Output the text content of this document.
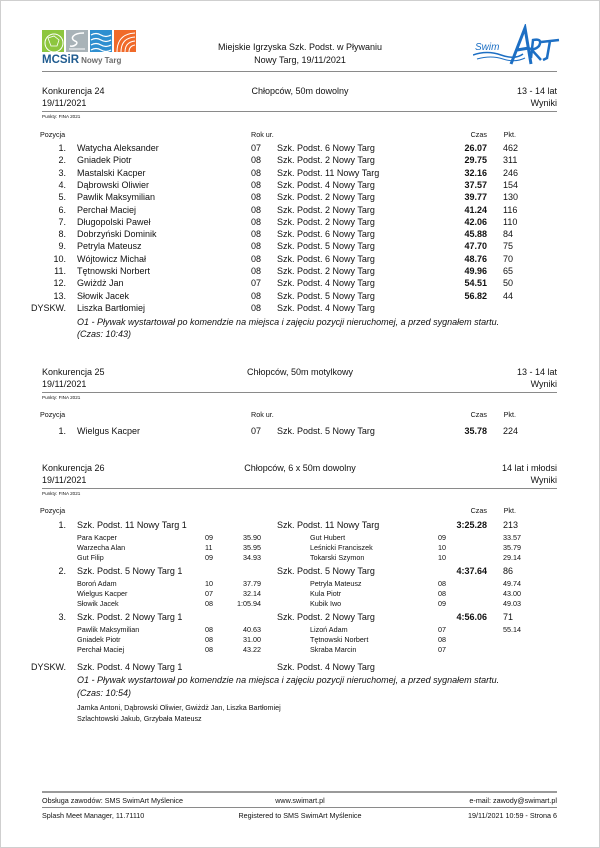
MCSiR Nowy Targ
Miejskie Igrzyska Szk. Podst. w Pływaniu
Nowy Targ, 19/11/2021
Swim
Konkurencja 24
19/11/2021
Chłopców, 50m dowolny	13 - 14 lat
Wyniki
Punkty: FINA 2021
Pozycja	Rok ur.	Czas Pkt.
1. Watycha Aleksander	07 Szk. Podst. 6 Nowy Targ	26.07 462
2. Gniadek Piotr	08 Szk. Podst. 2 Nowy Targ	29.75 311
3. Mastalski Kacper	08 Szk. Podst. 11 Nowy Targ	32.16 246
4. Dąbrowski Oliwier	08 Szk. Podst. 4 Nowy Targ	37.57 154
5. Pawlik Maksymilian	08 Szk. Podst. 2 Nowy Targ	39.77 130
6. Perchał Maciej	08 Szk. Podst. 2 Nowy Targ	41.24 116
7. Długopolski Paweł	08 Szk. Podst. 2 Nowy Targ	42.06 110
8. Dobrzyński Dominik	08 Szk. Podst. 6 Nowy Targ	45.88 84
9. Petryla Mateusz	08 Szk. Podst. 5 Nowy Targ	47.70 75
10. Wójtowicz Michał	08 Szk. Podst. 6 Nowy Targ	48.76 70
11. Tętnowski Norbert	08 Szk. Podst. 2 Nowy Targ	49.96 65
12. Gwiżdż Jan	07 Szk. Podst. 4 Nowy Targ	54.51 50
13. Słowik Jacek	08 Szk. Podst. 5 Nowy Targ	56.82 44
DYSKW. Liszka Bartłomiej	08 Szk. Podst. 4 Nowy Targ
O1 - Pływak wystartował po komendzie na miejsca i zajęciu pozycji nieruchomej, a przed sygnałem startu.
(Czas: 10:43)
Konkurencja 25
19/11/2021
Chłopców, 50m motylkowy	13 - 14 lat
Wyniki
Punkty: FINA 2021
Pozycja	Rok ur.	Czas Pkt.
1. Wielgus Kacper	07 Szk. Podst. 5 Nowy Targ	35.78 224
Konkurencja 26
19/11/2021
Chłopców, 6 x 50m dowolny	14 lat i młodsi
Wyniki
Punkty: FINA 2021
Pozycja	Czas Pkt.
1. Szk. Podst. 11 Nowy Targ 1	Szk. Podst. 11 Nowy Targ	3:25.28 213
Para Kacper	09	35.90	Gut Hubert	09	33.57
Warzecha Alan	11	35.95	Leśnicki Franciszek	10	35.79
Gut Filip	09	34.93	Tokarski Szymon	10	29.14
2. Szk. Podst. 5 Nowy Targ 1	Szk. Podst. 5 Nowy Targ	4:37.64 86
Boroń Adam	10	37.79	Petryla Mateusz	08	49.74
Wielgus Kacper	07	32.14	Kula Piotr	08	43.00
Słowik Jacek	08	1:05.94	Kubik Iwo	09	49.03
3. Szk. Podst. 2 Nowy Targ 1	Szk. Podst. 2 Nowy Targ	4:56.06 71
Pawlik Maksymilian	08	40.63	Lizoń Adam	07	55.14
Gniadek Piotr	08	31.00	Tętnowski Norbert	08
Perchał Maciej	08	43.22	Skraba Marcin	07
DYSKW. Szk. Podst. 4 Nowy Targ 1	Szk. Podst. 4 Nowy Targ
O1 - Pływak wystartował po komendzie na miejsca i zajęciu pozycji nieruchomej, a przed sygnałem startu.
(Czas: 10:54)
Jamka Antoni, Dąbrowski Oliwier, Gwiżdż Jan, Liszka Bartłomiej
Szlachtowski Jakub, Grzybała Mateusz
Obsługa zawodów: SMS SwimArt Myślenice	www.swimart.pl	e-mail: zawody@swimart.pl
Splash Meet Manager, 11.71110	Registered to SMS SwimArt Myślenice	19/11/2021 10:59 - Strona 6
